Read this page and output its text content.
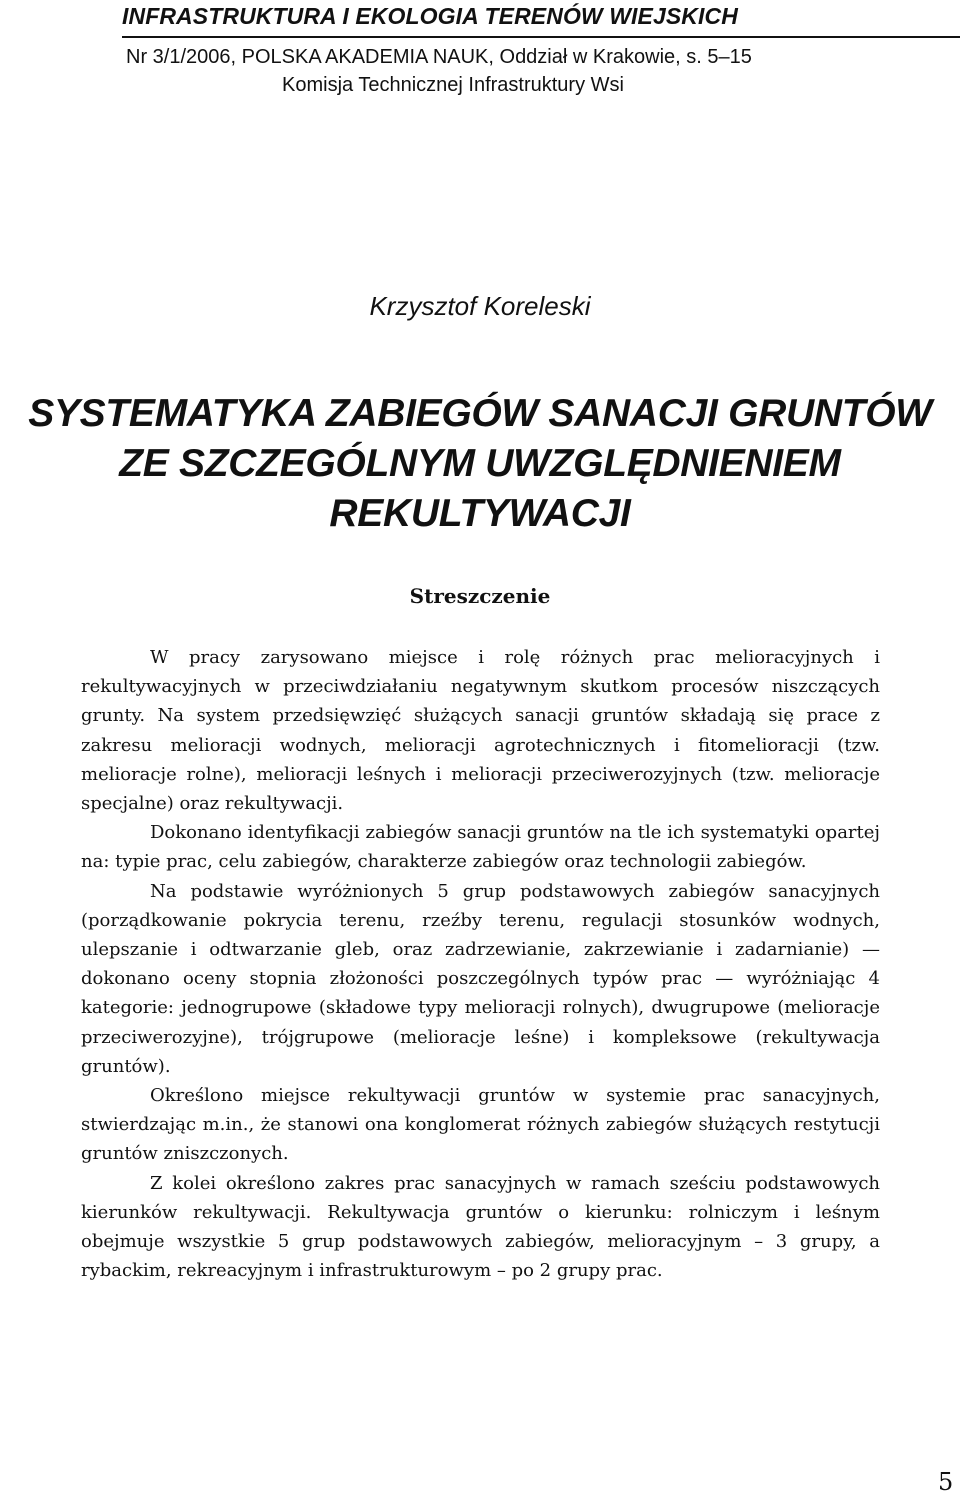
INFRASTRUKTURA I EKOLOGIA TERENÓW WIEJSKICH
Nr 3/1/2006, POLSKA AKADEMIA NAUK, Oddział w Krakowie, s. 5–15
Komisja Technicznej Infrastruktury Wsi
Krzysztof Koreleski
SYSTEMATYKA ZABIEGÓW SANACJI GRUNTÓW
ZE SZCZEGÓLNYM UWZGLĘDNIENIEM
REKULTYWACJI
Streszczenie

W pracy zarysowano miejsce i rolę różnych prac melioracyjnych i rekultywacyjnych w przeciwdziałaniu negatywnym skutkom procesów niszczących grunty. Na system przedsięwzięć służących sanacji gruntów składają się prace z zakresu melioracji wodnych, melioracji agrotechnicznych i fitomelioracji (tzw. melioracje rolne), melioracji leśnych i melioracji przeciwerozyjnych (tzw. melioracje specjalne) oraz rekultywacji.

Dokonano identyfikacji zabiegów sanacji gruntów na tle ich systematyki opartej na: typie prac, celu zabiegów, charakterze zabiegów oraz technologii zabiegów.

Na podstawie wyróżnionych 5 grup podstawowych zabiegów sanacyjnych (porządkowanie pokrycia terenu, rzeźby terenu, regulacji stosunków wodnych, ulepszanie i odtwarzanie gleb, oraz zadrzewianie, zakrzewianie i zadarnianie) — dokonano oceny stopnia złożoności poszczególnych typów prac — wyróżniając 4 kategorie: jednogrupowe (składowe typy melioracji rolnych), dwugrupowe (melioracje przeciwerozyjne), trójgrupowe (melioracje leśne) i kompleksowe (rekultywacja gruntów).

Określono miejsce rekultywacji gruntów w systemie prac sanacyjnych, stwierdzając m.in., że stanowi ona konglomerat różnych zabiegów służących restytucji gruntów zniszczonych.

Z kolei określono zakres prac sanacyjnych w ramach sześciu podstawowych kierunków rekultywacji. Rekultywacja gruntów o kierunku: rolniczym i leśnym obejmuje wszystkie 5 grup podstawowych zabiegów, melioracyjnym – 3 grupy, a rybackim, rekreacyjnym i infrastrukturowym – po 2 grupy prac.

5
